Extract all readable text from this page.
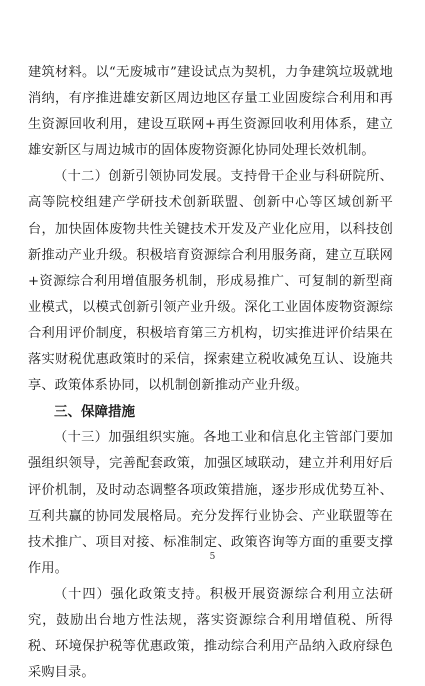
建筑材料。以“无废城市”建设试点为契机，力争建筑垃圾就地消纳，有序推进雄安新区周边地区存量工业固废综合利用和再生资源回收利用，建设互联网+再生资源回收利用体系，建立雄安新区与周边城市的固体废物资源化协同处理长效机制。

（十二）创新引领协同发展。支持骨干企业与科研院所、高等院校组建产学研技术创新联盟、创新中心等区域创新平台，加快固体废物共性关键技术开发及产业化应用，以科技创新推动产业升级。积极培育资源综合利用服务商，建立互联网+资源综合利用增值服务机制，形成易推广、可复制的新型商业模式，以模式创新引领产业升级。深化工业固体废物资源综合利用评价制度，积极培育第三方机构，切实推进评价结果在落实财税优惠政策时的采信，探索建立税收减免互认、设施共享、政策体系协同，以机制创新推动产业升级。

三、保障措施

（十三）加强组织实施。各地工业和信息化主管部门要加强组织领导，完善配套政策，加强区域联动，建立并利用好后评价机制，及时动态调整各项政策措施，逐步形成优势互补、互利共赢的协同发展格局。充分发挥行业协会、产业联盟等在技术推广、项目对接、标准制定、政策咨询等方面的重要支撑作用。

（十四）强化政策支持。积极开展资源综合利用立法研究，鼓励出台地方性法规，落实资源综合利用增值税、所得税、环境保护税等优惠政策，推动综合利用产品纳入政府绿色采购目录。

5
